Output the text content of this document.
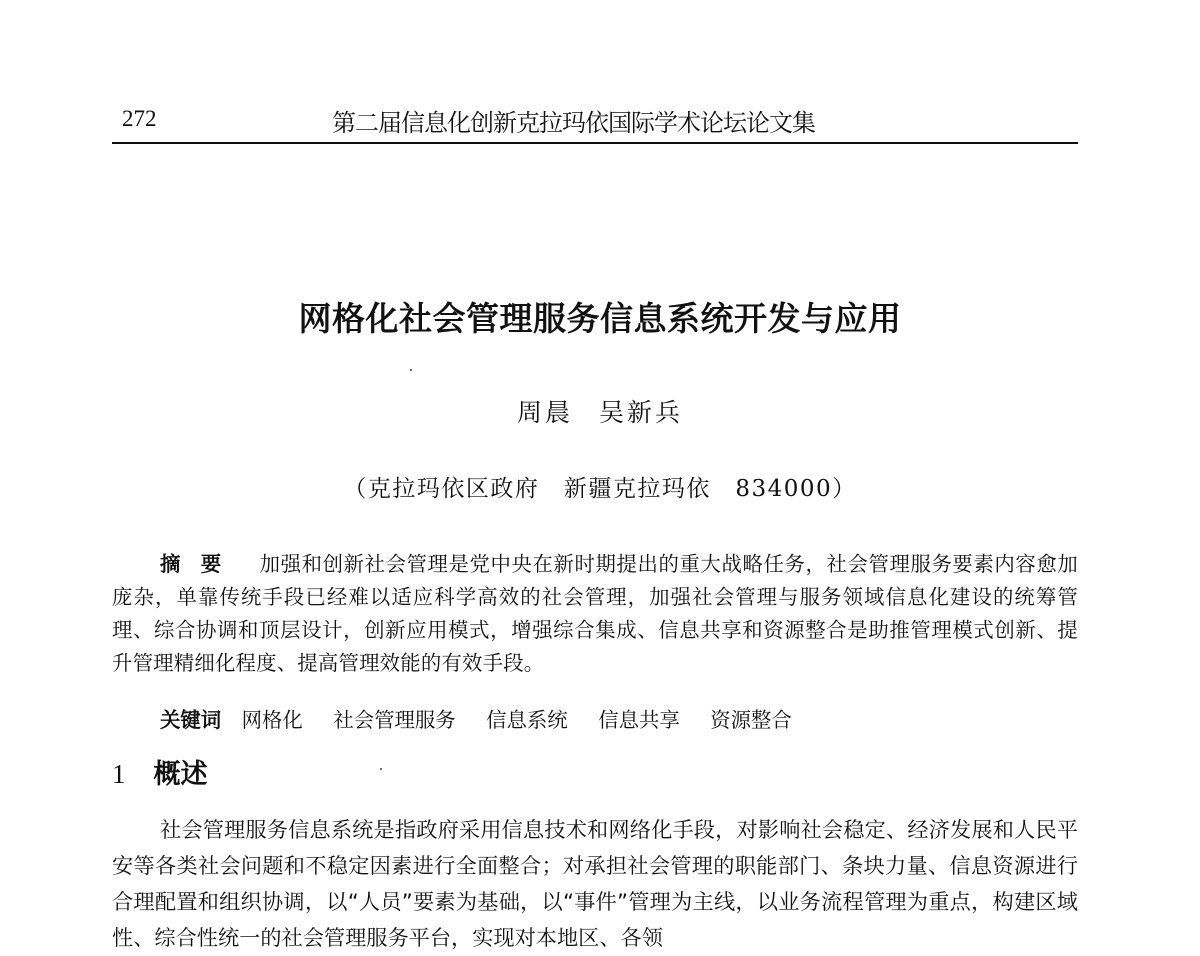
272	第二届信息化创新克拉玛依国际学术论坛论文集
网格化社会管理服务信息系统开发与应用
周晨 吴新兵
（克拉玛依区政府　新疆克拉玛依　834000）
摘要 加强和创新社会管理是党中央在新时期提出的重大战略任务，社会管理服务要素内容愈加庞杂，单靠传统手段已经难以适应科学高效的社会管理，加强社会管理与服务领域信息化建设的统筹管理、综合协调和顶层设计，创新应用模式，增强综合集成、信息共享和资源整合是助推管理模式创新、提升管理精细化程度、提高管理效能的有效手段。
关键词 网格化 社会管理服务 信息系统 信息共享 资源整合
1 概述

社会管理服务信息系统是指政府采用信息技术和网络化手段，对影响社会稳定、经济发展和人民平安等各类社会问题和不稳定因素进行全面整合；对承担社会管理的职能部门、条块力量、信息资源进行合理配置和组织协调，以“人员”要素为基础，以“事件”管理为主线，以业务流程管理为重点，构建区域性、综合性统一的社会管理服务平台，实现对本地区、各领
